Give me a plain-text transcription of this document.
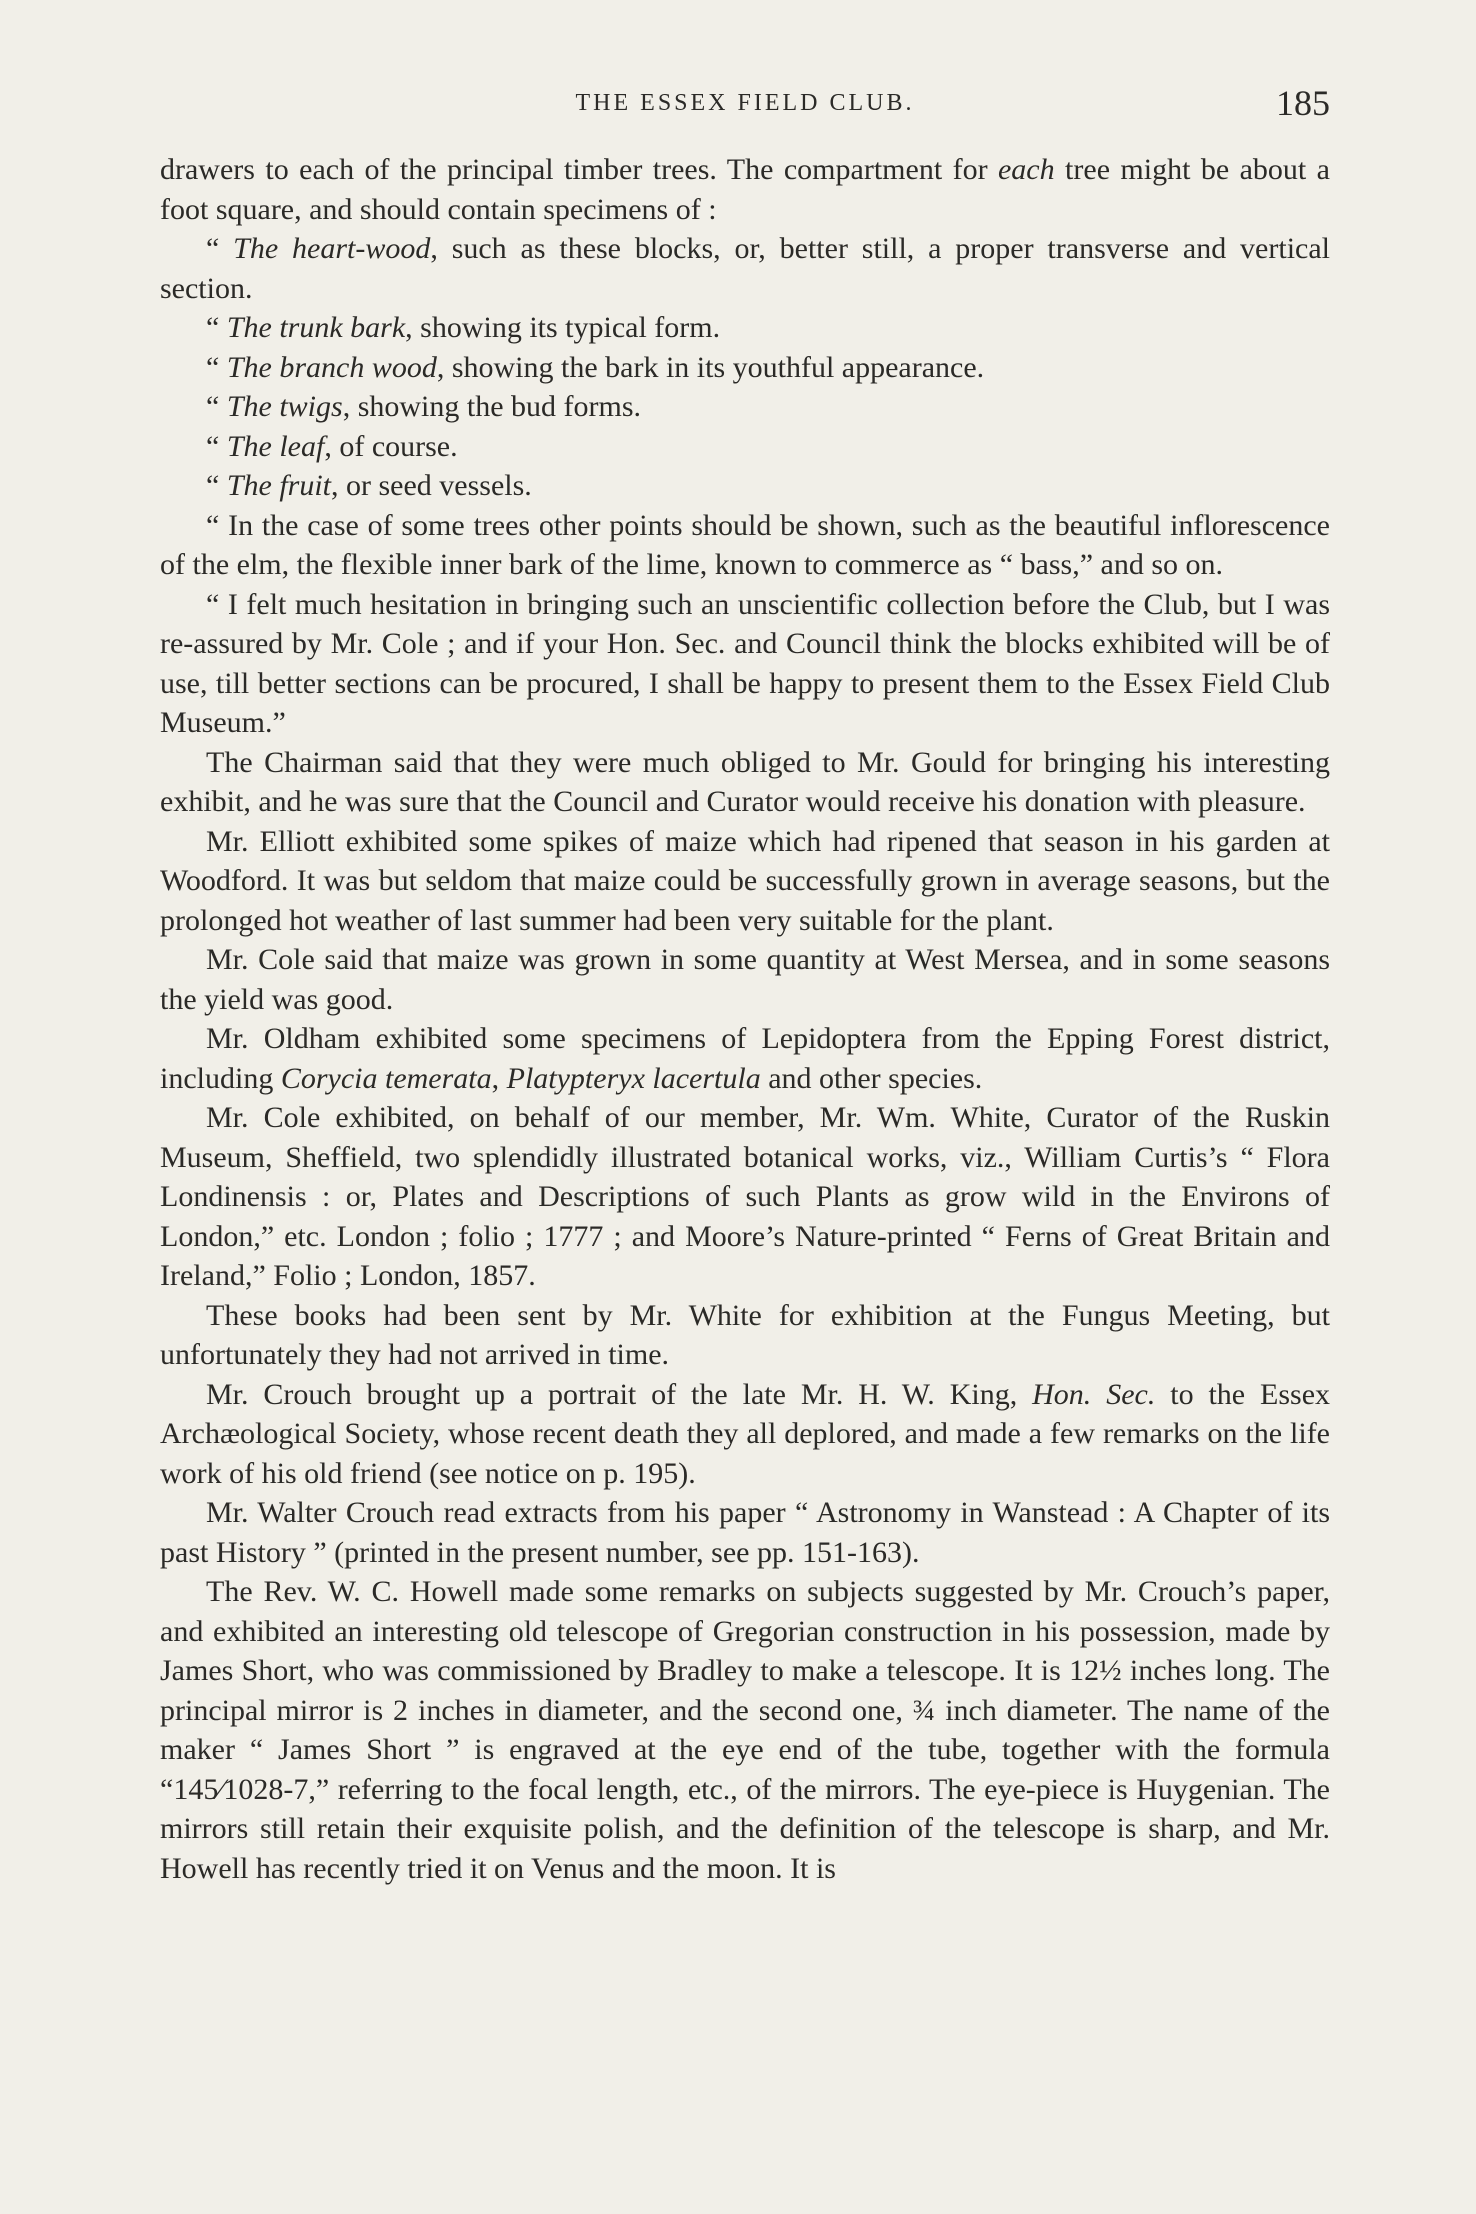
THE ESSEX FIELD CLUB.	185

drawers to each of the principal timber trees. The compartment for each tree might be about a foot square, and should contain specimens of :

“ The heart-wood, such as these blocks, or, better still, a proper transverse and vertical section.

“ The trunk bark, showing its typical form.

“ The branch wood, showing the bark in its youthful appearance.

“ The twigs, showing the bud forms.

“ The leaf, of course.

“ The fruit, or seed vessels.

“ In the case of some trees other points should be shown, such as the beautiful inflorescence of the elm, the flexible inner bark of the lime, known to commerce as “ bass,” and so on.

“ I felt much hesitation in bringing such an unscientific collection before the Club, but I was re-assured by Mr. Cole ; and if your Hon. Sec. and Council think the blocks exhibited will be of use, till better sections can be procured, I shall be happy to present them to the Essex Field Club Museum.”

The Chairman said that they were much obliged to Mr. Gould for bringing his interesting exhibit, and he was sure that the Council and Curator would receive his donation with pleasure.

Mr. Elliott exhibited some spikes of maize which had ripened that season in his garden at Woodford. It was but seldom that maize could be successfully grown in average seasons, but the prolonged hot weather of last summer had been very suitable for the plant.

Mr. Cole said that maize was grown in some quantity at West Mersea, and in some seasons the yield was good.

Mr. Oldham exhibited some specimens of Lepidoptera from the Epping Forest district, including Corycia temerata, Platypteryx lacertula and other species.

Mr. Cole exhibited, on behalf of our member, Mr. Wm. White, Curator of the Ruskin Museum, Sheffield, two splendidly illustrated botanical works, viz., William Curtis’s “ Flora Londinensis : or, Plates and Descriptions of such Plants as grow wild in the Environs of London,” etc. London ; folio ; 1777 ; and Moore’s Nature-printed “ Ferns of Great Britain and Ireland,” Folio ; London, 1857.

These books had been sent by Mr. White for exhibition at the Fungus Meeting, but unfortunately they had not arrived in time.

Mr. Crouch brought up a portrait of the late Mr. H. W. King, Hon. Sec. to the Essex Archæological Society, whose recent death they all deplored, and made a few remarks on the life work of his old friend (see notice on p. 195).

Mr. Walter Crouch read extracts from his paper “ Astronomy in Wanstead : A Chapter of its past History ” (printed in the present number, see pp. 151-163).

The Rev. W. C. Howell made some remarks on subjects suggested by Mr. Crouch’s paper, and exhibited an interesting old telescope of Gregorian construction in his possession, made by James Short, who was commissioned by Bradley to make a telescope. It is 12½ inches long. The principal mirror is 2 inches in diameter, and the second one, ¾ inch diameter. The name of the maker “ James Short ” is engraved at the eye end of the tube, together with the formula “145⁄1028-7,” referring to the focal length, etc., of the mirrors. The eye-piece is Huygenian. The mirrors still retain their exquisite polish, and the definition of the telescope is sharp, and Mr. Howell has recently tried it on Venus and the moon. It is
